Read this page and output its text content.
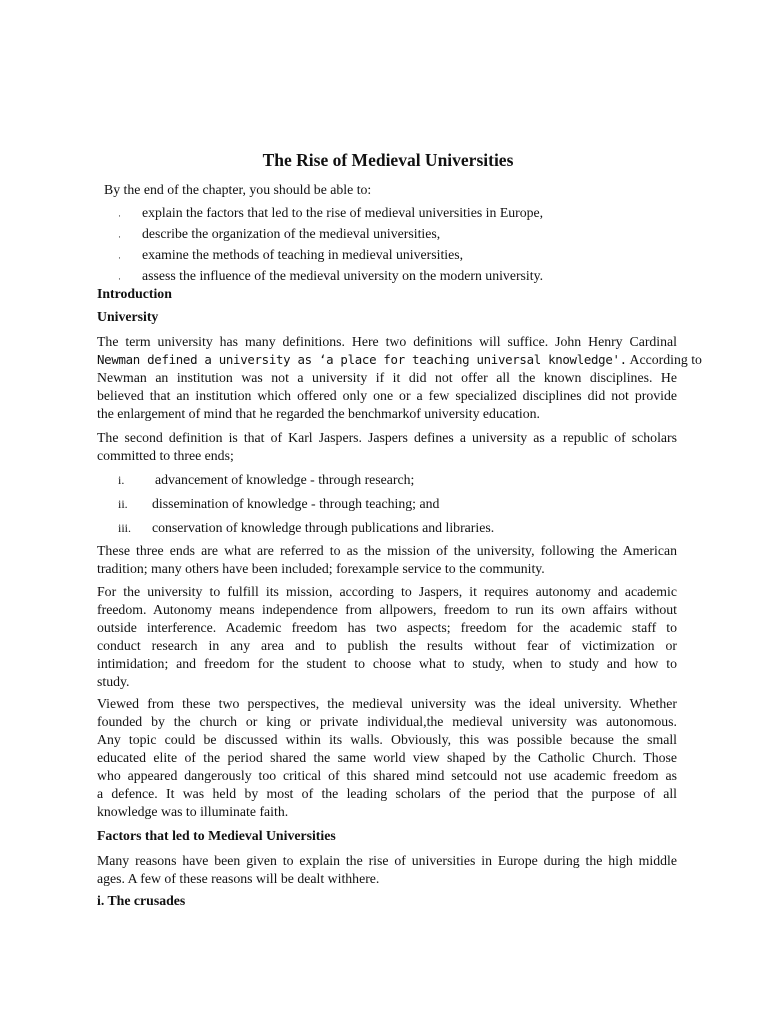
The Rise of Medieval Universities
By the end of the chapter, you should be able to:
· explain the factors that led to the rise of medieval universities in Europe,
· describe the organization of the medieval universities,
· examine the methods of teaching in medieval universities,
· assess the influence of the medieval university on the modern university.
Introduction
University
The term university has many definitions. Here two definitions will suffice. John Henry Cardinal
Newman defined a university as ‘a place for teaching universal knowledge'. According to
Newman an institution was not a university if it did not offer all the known disciplines. He
believed that an institution which offered only one or a few specialized disciplines did not provide
the enlargement of mind that he regarded the benchmarkof university education.
The second definition is that of Karl Jaspers. Jaspers defines a university as a republic of scholars
committed to three ends;
i. advancement of knowledge - through research;
ii. dissemination of knowledge - through teaching; and
iii. conservation of knowledge through publications and libraries.
These three ends are what are referred to as the mission of the university, following the American
tradition; many others have been included; forexample service to the community.
For the university to fulfill its mission, according to Jaspers, it requires autonomy and academic
freedom. Autonomy means independence from allpowers, freedom to run its own affairs without
outside interference. Academic freedom has two aspects; freedom for the academic staff to
conduct research in any area and to publish the results without fear of victimization or
intimidation; and freedom for the student to choose what to study, when to study and how to
study.
Viewed from these two perspectives, the medieval university was the ideal university. Whether
founded by the church or king or private individual,the medieval university was autonomous.
Any topic could be discussed within its walls. Obviously, this was possible because the small
educated elite of the period shared the same world view shaped by the Catholic Church. Those
who appeared dangerously too critical of this shared mind setcould not use academic freedom as
a defence. It was held by most of the leading scholars of the period that the purpose of all
knowledge was to illuminate faith.
Factors that led to Medieval Universities
Many reasons have been given to explain the rise of universities in Europe during the high middle
ages. A few of these reasons will be dealt withhere.
i. The crusades
